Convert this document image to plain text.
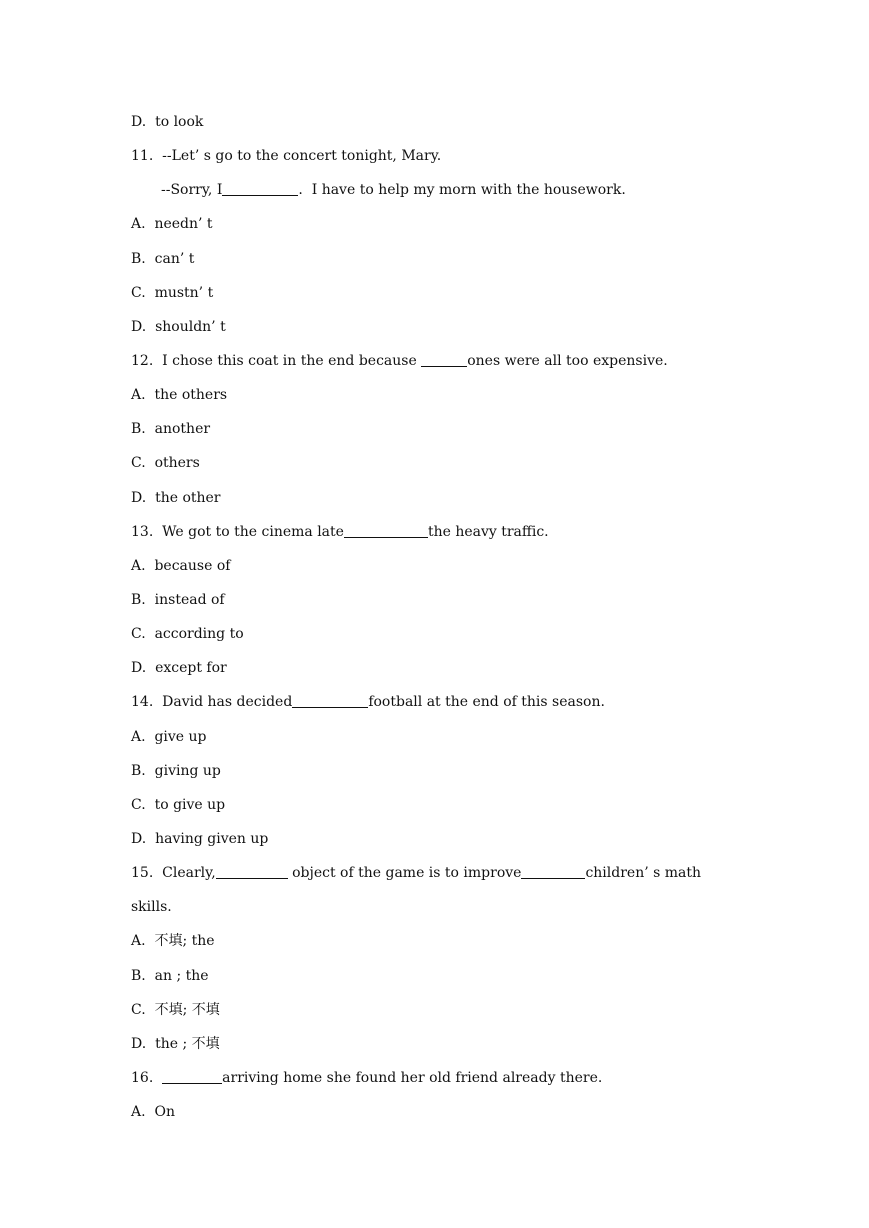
D.  to look
11.  --Let’ s go to the concert tonight, Mary.
--Sorry, I	.  I have to help my morn with the housework.
A.  needn’ t
B.  can’ t
C.  mustn’ t
D.  shouldn’ t
12.  I chose this coat in the end because	ones were all too expensive.
A.  the others
B.  another
C.  others
D.  the other
13.  We got to the cinema late	the heavy traffic.
A.  because of
B.  instead of
C.  according to
D.  except for
14.  David has decided	football at the end of this season.
A.  give up
B.  giving up
C.  to give up
D.  having given up
15.  Clearly,	object of the game is to improve	children’ s math
skills.
A.  不填; the
B.  an ; the
C.  不填; 不填
D.  the ; 不填
16.	arriving home she found her old friend already there.
A.  On
